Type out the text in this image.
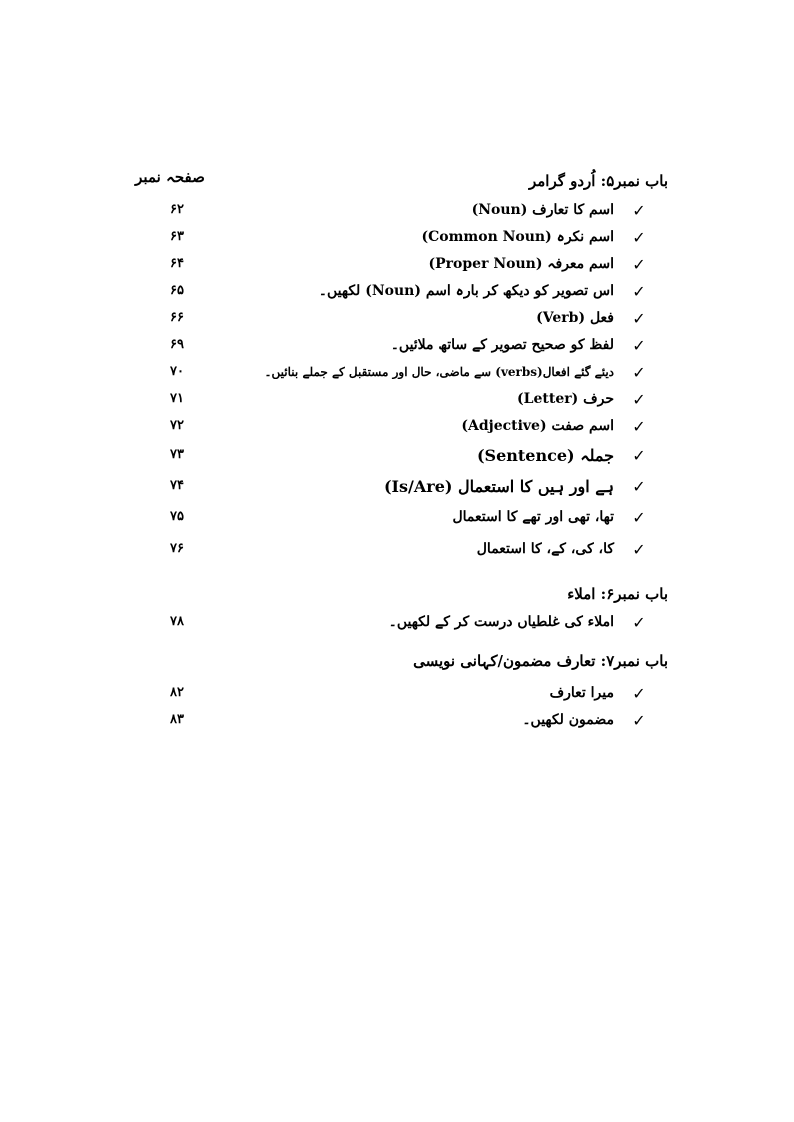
صفحہ نمبر	باب نمبر۵: اُردو گرامر
✓
اسم کا تعارف (Noun)
۶۲
✓
اسم نکرہ (Common Noun)
۶۳
✓
اسم معرفہ (Proper Noun)
۶۴
✓
اس تصویر کو دیکھ کر بارہ اسم (Noun) لکھیں۔
۶۵
✓
فعل (Verb)
۶۶
✓
لفظ کو صحیح تصویر کے ساتھ ملائیں۔
۶۹
✓
دیئے گئے افعال(verbs) سے ماضی، حال اور مستقبل کے جملے بنائیں۔
۷۰
✓
حرف (Letter)
۷۱
✓
اسم صفت (Adjective)
۷۲
✓
جملہ (Sentence)
۷۳
✓
ہے اور ہیں کا استعمال (Is/Are)
۷۴
✓
تھا، تھی اور تھے کا استعمال
۷۵
✓
کا، کی، کے، کا استعمال
۷۶
باب نمبر۶: املاء
✓
املاء کی غلطیاں درست کر کے لکھیں۔
۷۸
باب نمبر۷: تعارف مضمون/کہانی نویسی
✓
میرا تعارف
۸۲
✓
مضمون لکھیں۔
۸۳
